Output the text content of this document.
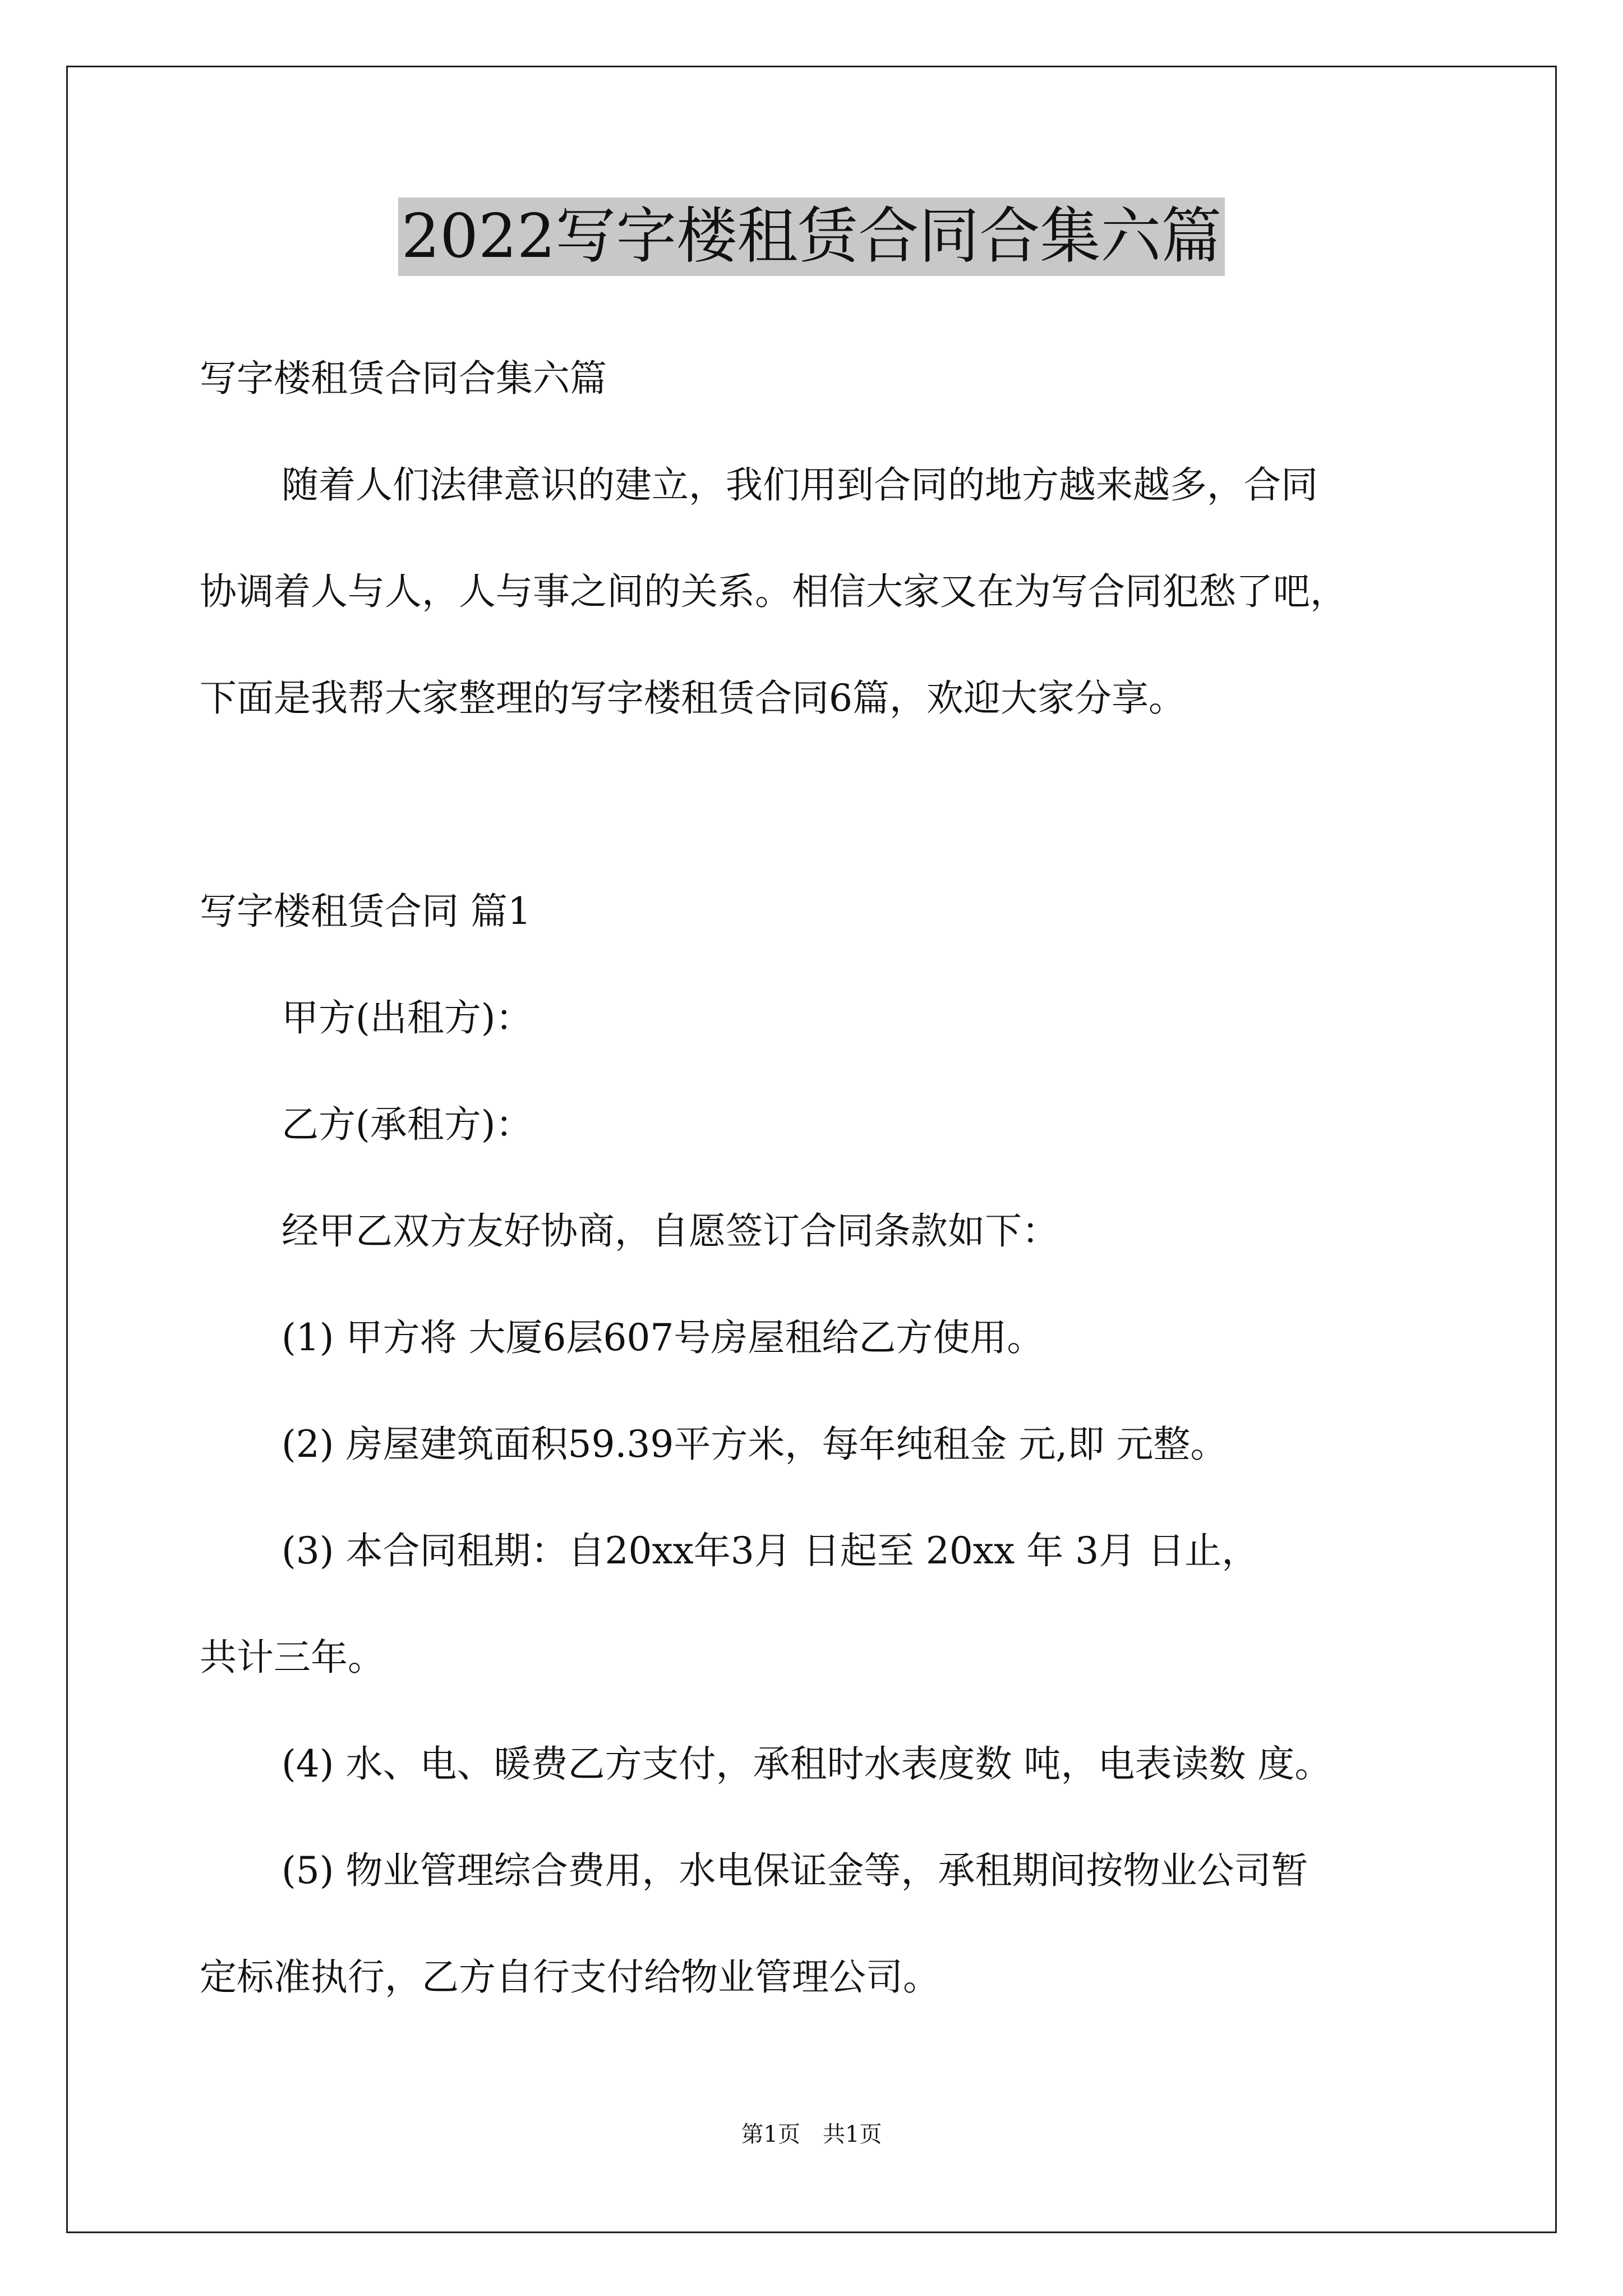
2022写字楼租赁合同合集六篇
写字楼租赁合同合集六篇
随着人们法律意识的建立，我们用到合同的地方越来越多，合同
协调着人与人，人与事之间的关系。相信大家又在为写合同犯愁了吧，
下面是我帮大家整理的写字楼租赁合同6篇，欢迎大家分享。
写字楼租赁合同 篇1
甲方(出租方)：
乙方(承租方)：
经甲乙双方友好协商，自愿签订合同条款如下：
(1) 甲方将 大厦6层607号房屋租给乙方使用。
(2) 房屋建筑面积59.39平方米，每年纯租金 元,即 元整。
(3) 本合同租期：自20xx年3月 日起至 20xx 年 3月 日止，
共计三年。
(4) 水、电、暖费乙方支付，承租时水表度数 吨，电表读数 度。
(5) 物业管理综合费用，水电保证金等，承租期间按物业公司暂
定标准执行，乙方自行支付给物业管理公司。
第1页　共1页
